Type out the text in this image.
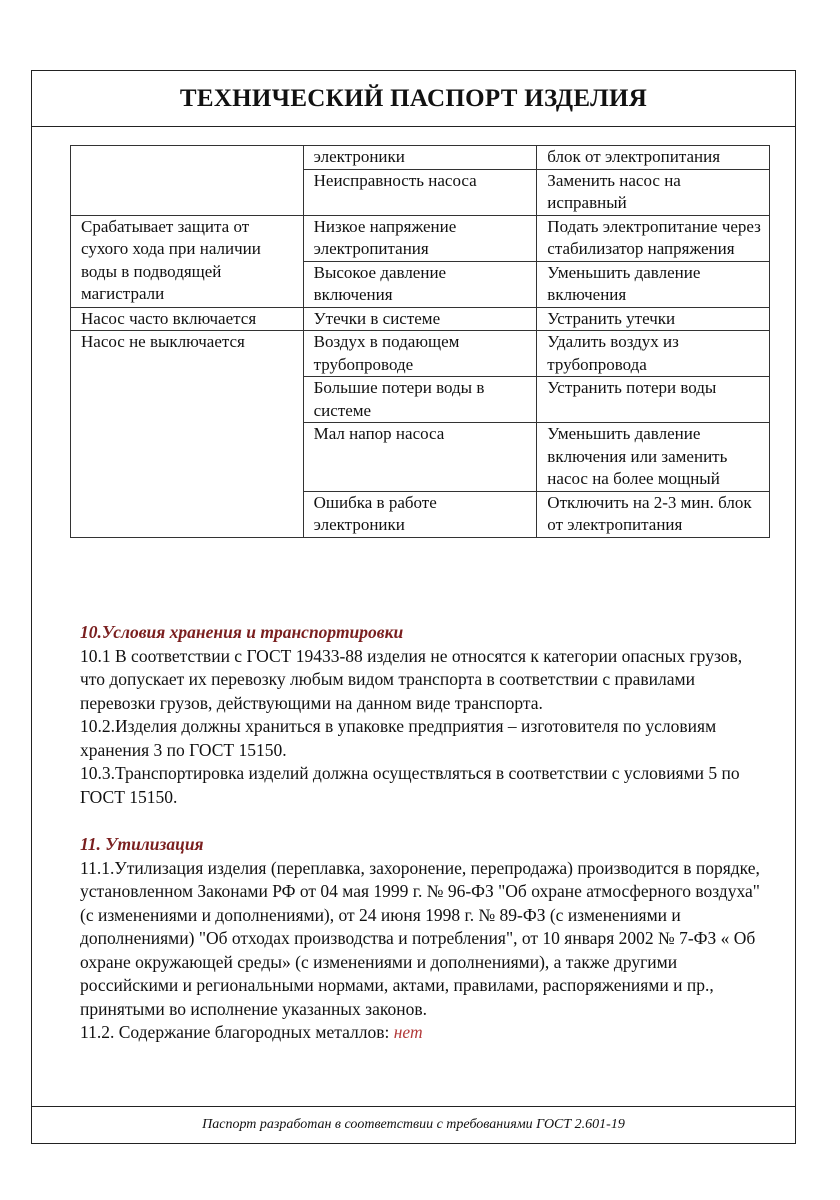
ТЕХНИЧЕСКИЙ ПАСПОРТ ИЗДЕЛИЯ
	электроники	блок от электропитания
	Неисправность насоса	Заменить насос на исправный
Срабатывает защита от сухого хода при наличии воды в подводящей магистрали	Низкое напряжение электропитания	Подать электропитание через стабилизатор напряжения
	Высокое давление включения	Уменьшить давление включения
Насос часто включается	Утечки в системе	Устранить утечки
Насос не выключается	Воздух в подающем трубопроводе	Удалить воздух из трубопровода
	Большие потери воды в системе	Устранить потери воды
	Мал напор насоса	Уменьшить давление включения или заменить насос на более мощный
	Ошибка в работе электроники	Отключить на 2-3 мин. блок от электропитания

10.Условия хранения и транспортировки

10.1 В соответствии с ГОСТ 19433-88 изделия не относятся к категории опасных грузов, что допускает их перевозку любым видом транспорта в соответствии с правилами перевозки грузов, действующими на данном виде транспорта.

10.2.Изделия должны храниться в упаковке предприятия – изготовителя по условиям хранения 3 по ГОСТ 15150.

10.3.Транспортировка изделий должна осуществляться в соответствии с условиями 5 по ГОСТ 15150.

11. Утилизация

11.1.Утилизация изделия (переплавка, захоронение, перепродажа) производится в порядке, установленном Законами РФ от 04 мая 1999 г. № 96-ФЗ "Об охране атмосферного воздуха" (с изменениями и дополнениями), от 24 июня 1998 г. № 89-ФЗ (с изменениями и дополнениями) "Об отходах производства и потребления", от 10 января 2002 № 7-ФЗ « Об охране окружающей среды» (с изменениями и дополнениями), а также другими российскими и региональными нормами, актами, правилами, распоряжениями и пр., принятыми во исполнение указанных законов.

11.2. Содержание благородных металлов: нет

Паспорт разработан в соответствии с требованиями ГОСТ 2.601-19
